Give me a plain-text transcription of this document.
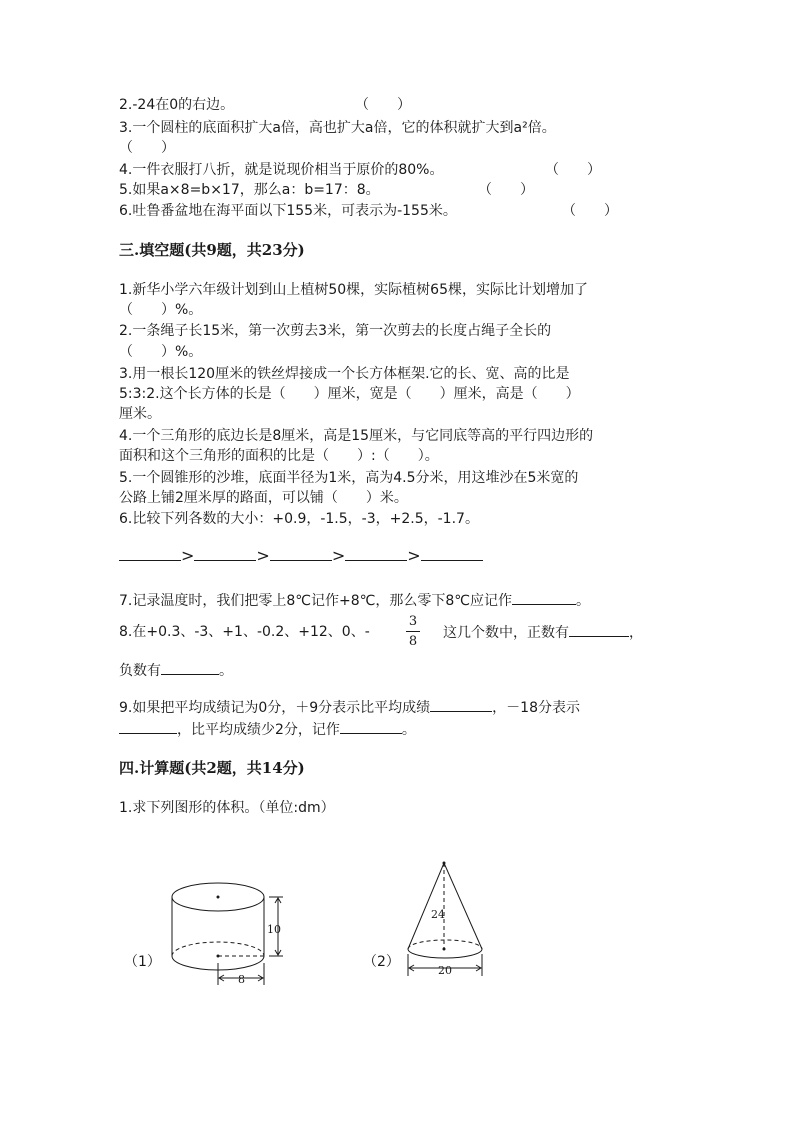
2.-24在0的右边。	（　　）
3.一个圆柱的底面积扩大a倍，高也扩大a倍，它的体积就扩大到a²倍。
（　　）
4.一件衣服打八折，就是说现价相当于原价的80%。	（　　）
5.如果a×8=b×17，那么a：b=17：8。	（　　）
6.吐鲁番盆地在海平面以下155米，可表示为-155米。	（　　）
三.填空题(共9题，共23分)
1.新华小学六年级计划到山上植树50棵，实际植树65棵，实际比计划增加了
（　　）%。
2.一条绳子长15米，第一次剪去3米，第一次剪去的长度占绳子全长的
（　　）%。
3.用一根长120厘米的铁丝焊接成一个长方体框架.它的长、宽、高的比是
5:3:2.这个长方体的长是（　　）厘米，宽是（　　）厘米，高是（　　）
厘米。
4.一个三角形的底边长是8厘米，高是15厘米，与它同底等高的平行四边形的
面积和这个三角形的面积的比是（　　）:（　　）。
5.一个圆锥形的沙堆，底面半径为1米，高为4.5分米，用这堆沙在5米宽的
公路上铺2厘米厚的路面，可以铺（　　）米。
6.比较下列各数的大小：+0.9，-1.5，-3，+2.5，-1.7。
>	>	>	>
7.记录温度时，我们把零上8℃记作+8℃，那么零下8℃应记作	。
8.在+0.3、-3、+1、-0.2、+12、0、-
3
8
这几个数中，正数有	，
负数有	。
9.如果把平均成绩记为0分，＋9分表示比平均成绩	，－18分表示
，比平均成绩少2分，记作	。
四.计算题(共2题，共14分)
1.求下列图形的体积。（单位:dm）
（1）	（2）
10
8
24
20
